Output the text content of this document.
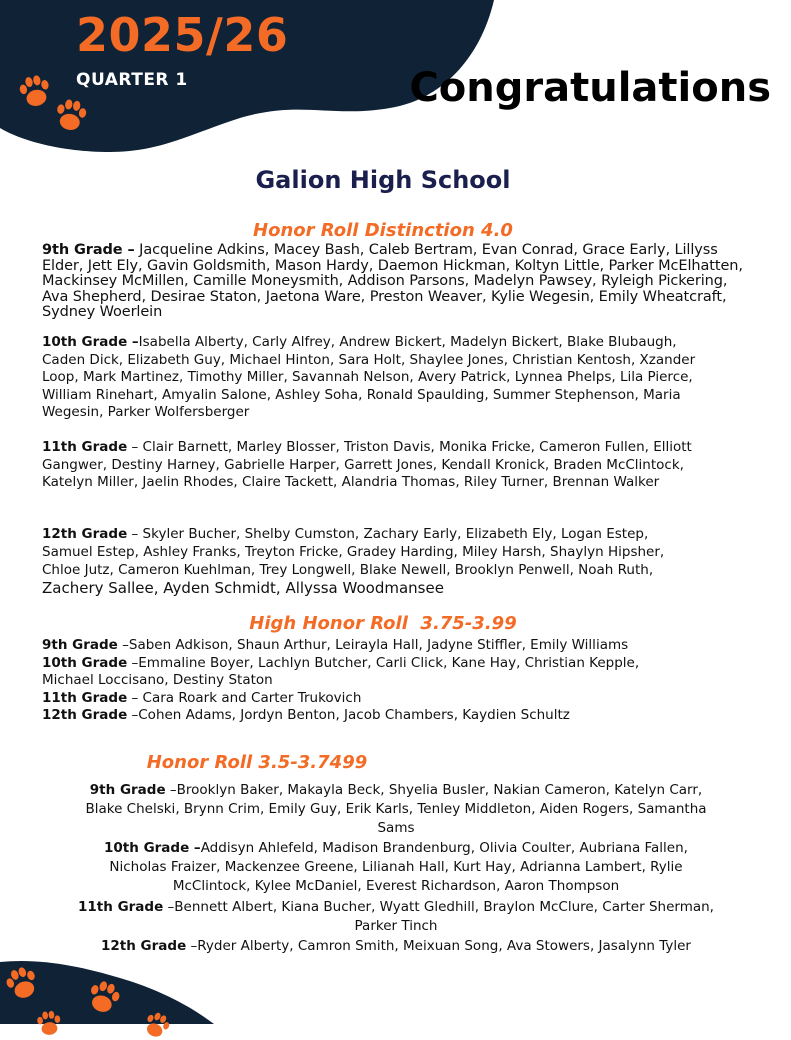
2025/26
QUARTER 1	Congratulations
Galion High School
Honor Roll Distinction 4.0

9th Grade – Jacqueline Adkins, Macey Bash, Caleb Bertram, Evan Conrad, Grace Early, Lillyss Elder, Jett Ely, Gavin Goldsmith, Mason Hardy, Daemon Hickman, Koltyn Little, Parker McElhatten, Mackinsey McMillen, Camille Moneysmith, Addison Parsons, Madelyn Pawsey, Ryleigh Pickering, Ava Shepherd, Desirae Staton, Jaetona Ware, Preston Weaver, Kylie Wegesin, Emily Wheatcraft, Sydney Woerlein

10th Grade –Isabella Alberty, Carly Alfrey, Andrew Bickert, Madelyn Bickert, Blake Blubaugh, Caden Dick, Elizabeth Guy, Michael Hinton, Sara Holt, Shaylee Jones, Christian Kentosh, Xzander Loop, Mark Martinez, Timothy Miller, Savannah Nelson, Avery Patrick, Lynnea Phelps, Lila Pierce, William Rinehart, Amyalin Salone, Ashley Soha, Ronald Spaulding, Summer Stephenson, Maria Wegesin, Parker Wolfersberger

11th Grade – Clair Barnett, Marley Blosser, Triston Davis, Monika Fricke, Cameron Fullen, Elliott Gangwer, Destiny Harney, Gabrielle Harper, Garrett Jones, Kendall Kronick, Braden McClintock, Katelyn Miller, Jaelin Rhodes, Claire Tackett, Alandria Thomas, Riley Turner, Brennan Walker

12th Grade – Skyler Bucher, Shelby Cumston, Zachary Early, Elizabeth Ely, Logan Estep, Samuel Estep, Ashley Franks, Treyton Fricke, Gradey Harding, Miley Harsh, Shaylyn Hipsher, Chloe Jutz, Cameron Kuehlman, Trey Longwell, Blake Newell, Brooklyn Penwell, Noah Ruth, Zachery Sallee, Ayden Schmidt, Allyssa Woodmansee

High Honor Roll  3.75-3.99
9th Grade –Saben Adkison, Shaun Arthur, Leirayla Hall, Jadyne Stiffler, Emily Williams
10th Grade –Emmaline Boyer, Lachlyn Butcher, Carli Click, Kane Hay, Christian Kepple, Michael Loccisano, Destiny Staton
11th Grade – Cara Roark and Carter Trukovich
12th Grade –Cohen Adams, Jordyn Benton, Jacob Chambers, Kaydien Schultz
Honor Roll 3.5-3.7499

9th Grade –Brooklyn Baker, Makayla Beck, Shyelia Busler, Nakian Cameron, Katelyn Carr, Blake Chelski, Brynn Crim, Emily Guy, Erik Karls, Tenley Middleton, Aiden Rogers, Samantha Sams

10th Grade –Addisyn Ahlefeld, Madison Brandenburg, Olivia Coulter, Aubriana Fallen, Nicholas Fraizer, Mackenzee Greene, Lilianah Hall, Kurt Hay, Adrianna Lambert, Rylie McClintock, Kylee McDaniel, Everest Richardson, Aaron Thompson

11th Grade –Bennett Albert, Kiana Bucher, Wyatt Gledhill, Braylon McClure, Carter Sherman, Parker Tinch

12th Grade –Ryder Alberty, Camron Smith, Meixuan Song, Ava Stowers, Jasalynn Tyler
